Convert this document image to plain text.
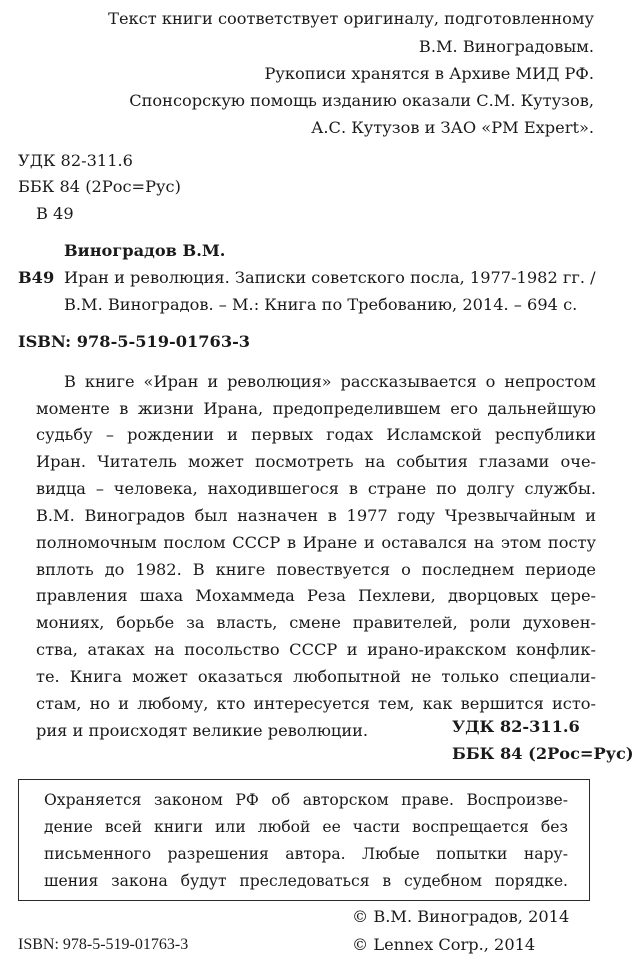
Текст книги соответствует оригиналу, подготовленному
В.М. Виноградовым.
Рукописи хранятся в Архиве МИД РФ.
Спонсорскую помощь изданию оказали С.М. Кутузов,
А.С. Кутузов и ЗАО «PM Expert».
УДК 82-311.6
ББК 84 (2Рос=Рус)
В 49
Виноградов В.М.
В49 Иран и революция. Записки советского посла, 1977-1982 гг. /
В.М. Виноградов. – М.: Книга по Требованию, 2014. – 694 с.
ISBN: 978-5-519-01763-3
В книге «Иран и революция» рассказывается о непростом
моменте в жизни Ирана, предопределившем его дальнейшую
судьбу – рождении и первых годах Исламской республики
Иран. Читатель может посмотреть на события глазами оче-
видца – человека, находившегося в стране по долгу службы.
В.М. Виноградов был назначен в 1977 году Чрезвычайным и
полномочным послом СССР в Иране и оставался на этом посту
вплоть до 1982. В книге повествуется о последнем периоде
правления шаха Мохаммеда Реза Пехлеви, дворцовых цере-
мониях, борьбе за власть, смене правителей, роли духовен-
ства, атаках на посольство СССР и ирано-иракском конфлик-
те. Книга может оказаться любопытной не только специали-
стам, но и любому, кто интересуется тем, как вершится исто-
рия и происходят великие революции.	УДК 82-311.6
ББК 84 (2Рос=Рус)
Охраняется законом РФ об авторском праве. Воспроизве-
дение всей книги или любой ее части воспрещается без
письменного разрешения автора. Любые попытки нару-
шения закона будут преследоваться в судебном порядке.
© В.М. Виноградов, 2014
ISBN: 978-5-519-01763-3	© Lennex Corp., 2014
